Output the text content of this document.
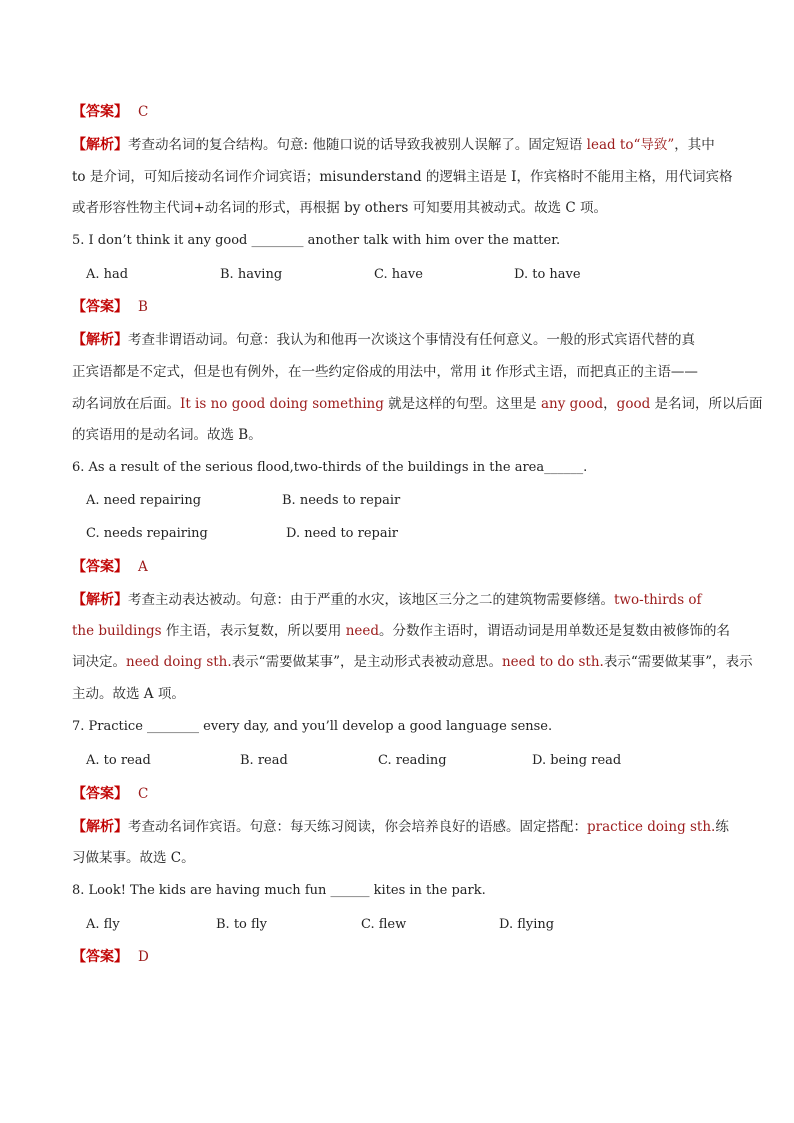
【答案】 C
【解析】考查动名词的复合结构。句意: 他随口说的话导致我被别人误解了。固定短语 lead to“导致”，其中
to 是介词，可知后接动名词作介词宾语；misunderstand 的逻辑主语是 I，作宾格时不能用主格，用代词宾格
或者形容性物主代词+动名词的形式，再根据 by others 可知要用其被动式。故选 C 项。
5. I don’t think it any good ________ another talk with him over the matter.
A. had	B. having	C. have	D. to have
【答案】 B
【解析】考查非谓语动词。句意：我认为和他再一次谈这个事情没有任何意义。一般的形式宾语代替的真
正宾语都是不定式，但是也有例外，在一些约定俗成的用法中，常用 it 作形式主语，而把真正的主语——
动名词放在后面。It is no good doing something 就是这样的句型。这里是 any good，good 是名词，所以后面
的宾语用的是动名词。故选 B。
6. As a result of the serious flood,two-thirds of the buildings in the area______.
A. need repairing	B. needs to repair
C. needs repairing	D. need to repair
【答案】 A
【解析】考查主动表达被动。句意：由于严重的水灾，该地区三分之二的建筑物需要修缮。two-thirds of
the buildings 作主语，表示复数，所以要用 need。分数作主语时，谓语动词是用单数还是复数由被修饰的名
词决定。need doing sth.表示“需要做某事”，是主动形式表被动意思。need to do sth.表示“需要做某事”，表示
主动。故选 A 项。
7. Practice ________ every day, and you’ll develop a good language sense.
A. to read	B. read	C. reading	D. being read
【答案】 C
【解析】考查动名词作宾语。句意：每天练习阅读，你会培养良好的语感。固定搭配：practice doing sth.练
习做某事。故选 C。
8. Look! The kids are having much fun ______ kites in the park.
A. fly	B. to fly	C. flew	D. flying
【答案】 D
